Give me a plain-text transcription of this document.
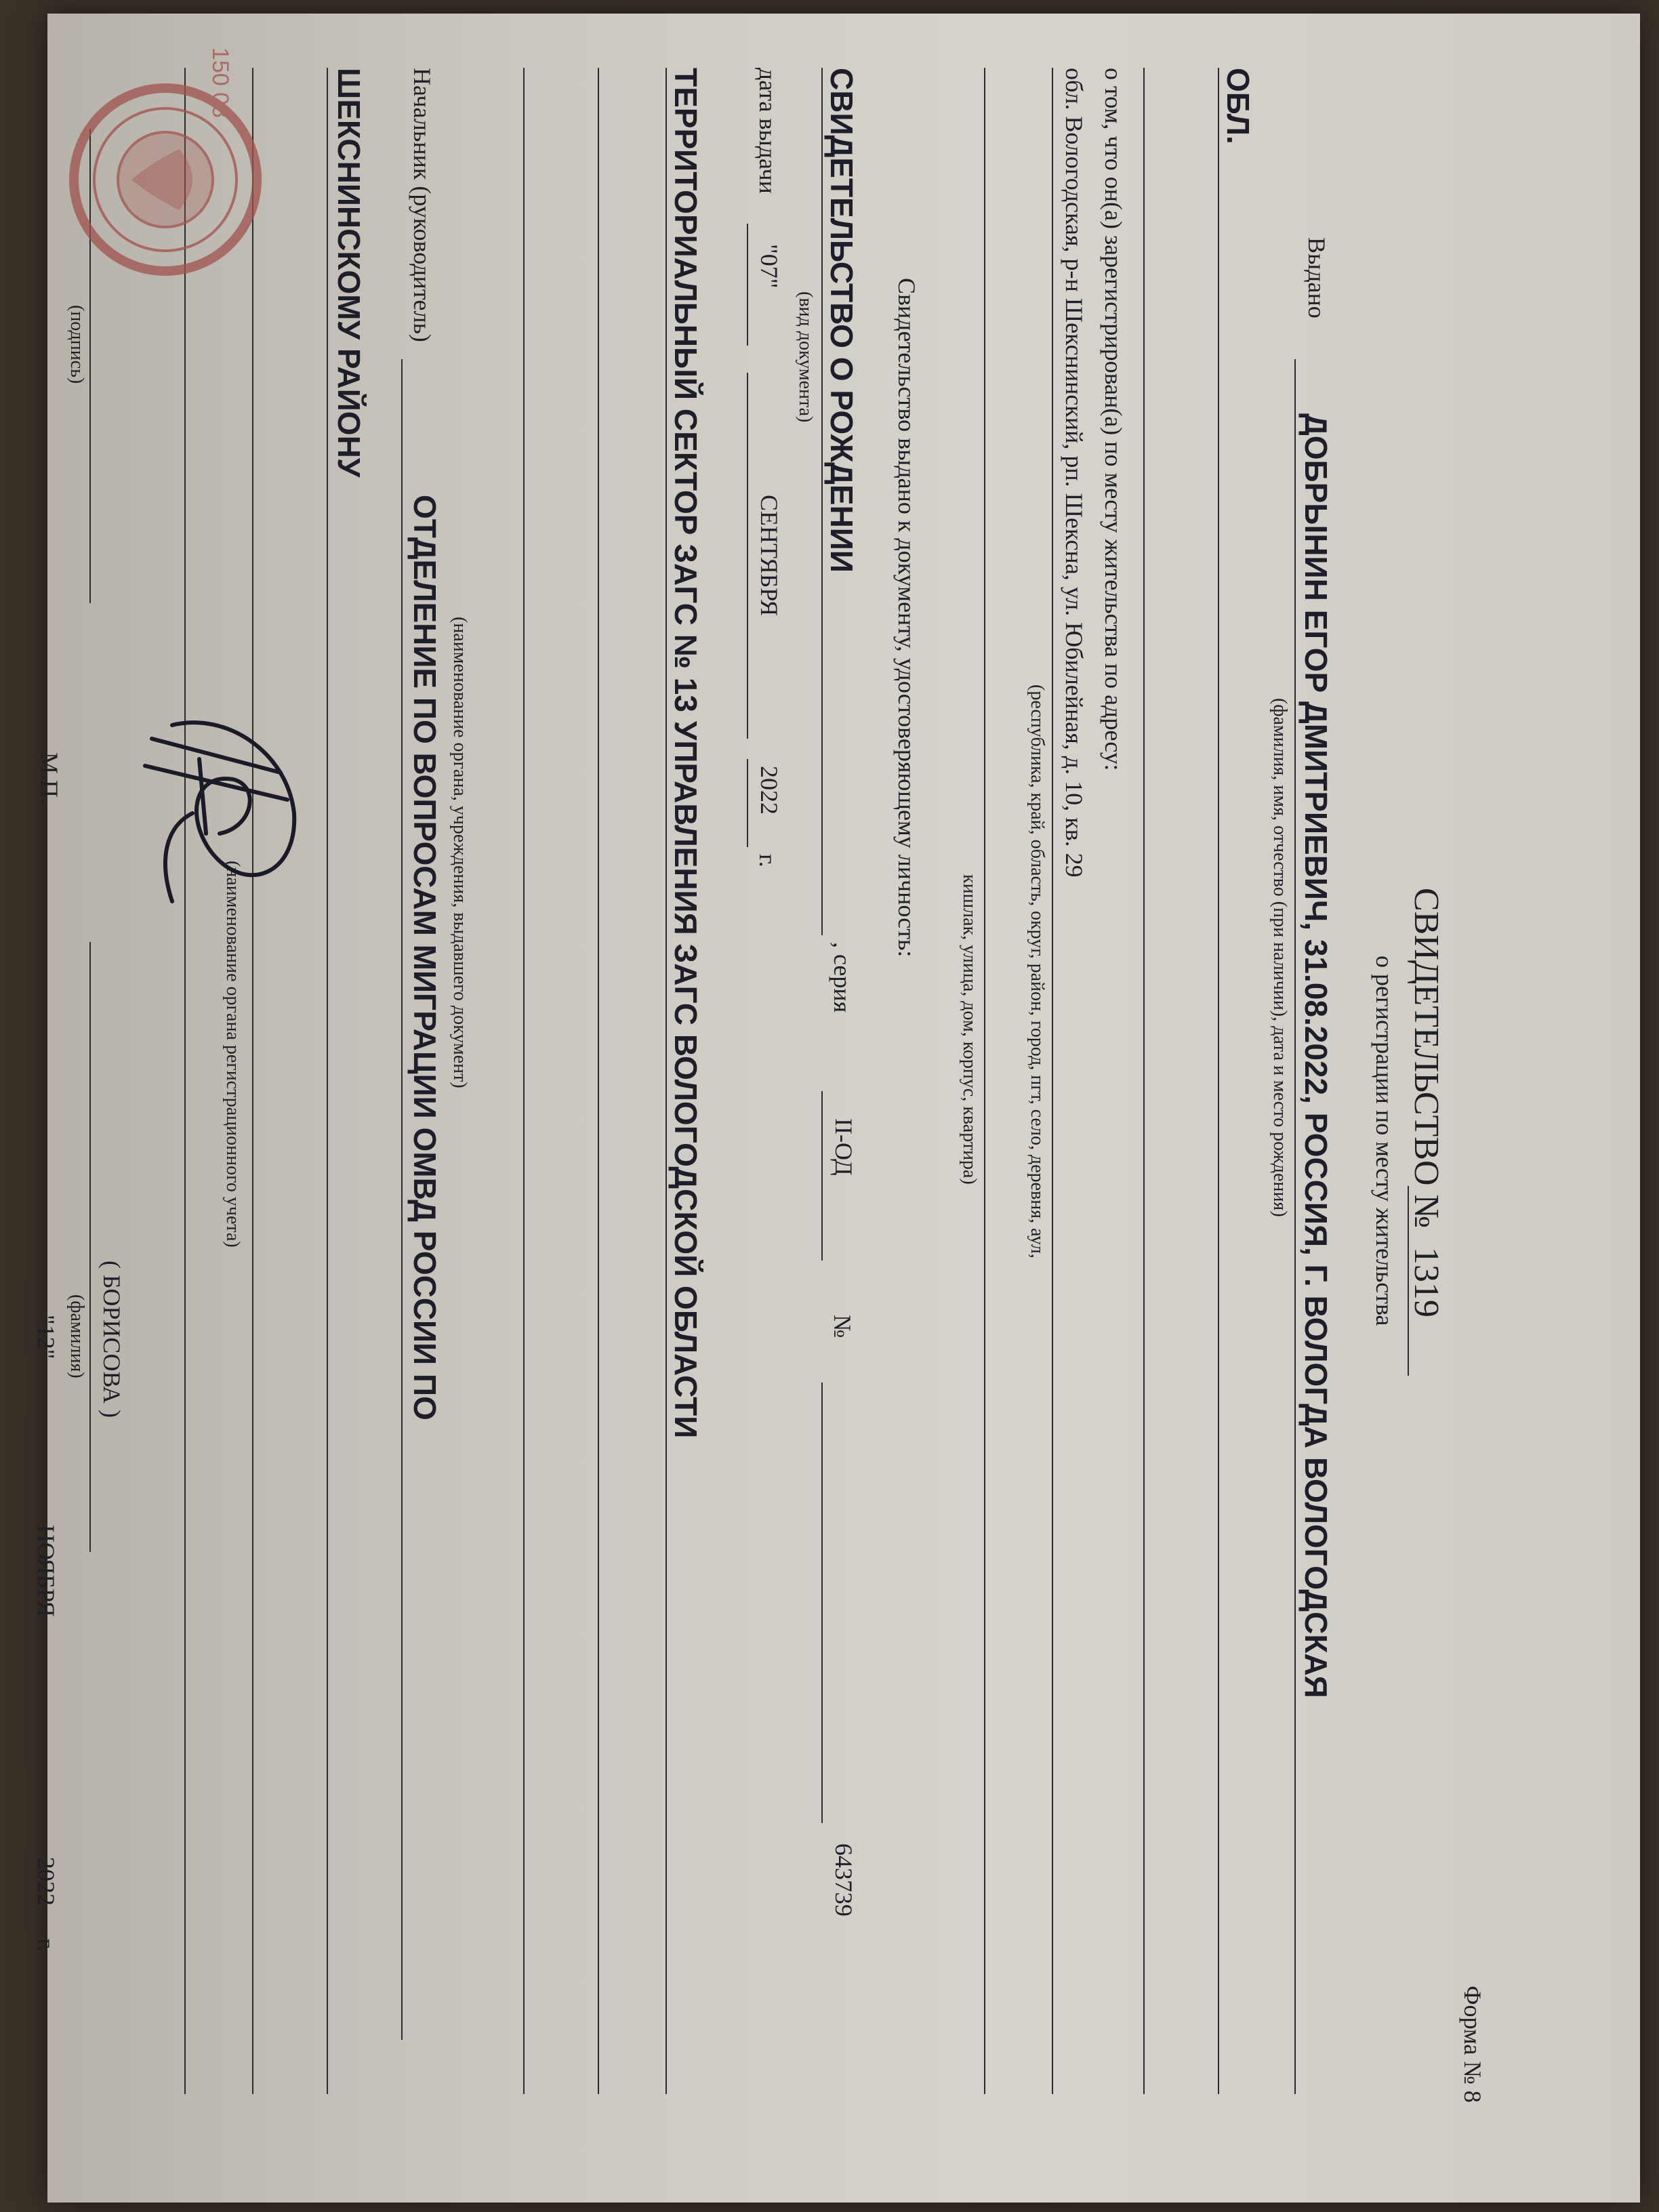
Форма № 8
СВИДЕТЕЛЬСТВО №
1319
о регистрации по месту жительства
Выдано
ДОБРЫНИН ЕГОР ДМИТРИЕВИЧ, 31.08.2022, РОССИЯ, Г. ВОЛОГДА ВОЛОГОДСКАЯ
(фамилия, имя, отчество (при наличии), дата и место рождения)
ОБЛ.
о том, что он(а) зарегистрирован(а) по месту жительства по адресу:
обл. Вологодская, р-н Шекснинский, рп. Шексна, ул. Юбилейная, д. 10, кв. 29
(республика, край, область, округ, район, город, пгт, село, деревня, аул,
кишлак, улица, дом, корпус, квартира)
Свидетельство выдано к документу, удостоверяющему личность:
СВИДЕТЕЛЬСТВО О РОЖДЕНИИ
, серия
II-ОД
№
643739
(вид документа)
дата выдачи
"07"
СЕНТЯБРЯ
2022
г.
ТЕРРИТОРИАЛЬНЫЙ СЕКТОР ЗАГС № 13 УПРАВЛЕНИЯ ЗАГС ВОЛОГОДСКОЙ ОБЛАСТИ
(наименование органа, учреждения, выдавшего документ)
Начальник (руководитель)
ОТДЕЛЕНИЕ ПО ВОПРОСАМ МИГРАЦИИ ОМВД РОССИИ ПО
ШЕКСНИНСКОМУ РАЙОНУ
(наименование органа регистрационного учета)
(подпись)
( БОРИСОВА )
(фамилия)
М.П.
"12"
НОЯБРЯ
2022
г.
150 08
